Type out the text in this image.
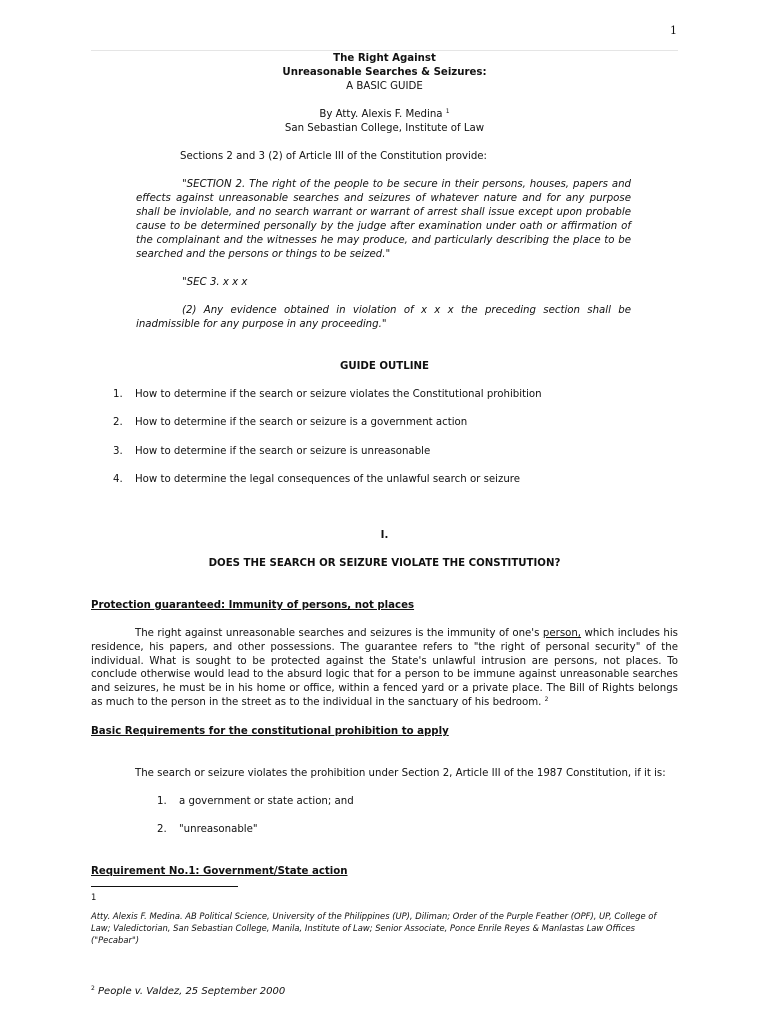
1
The Right Against
Unreasonable Searches & Seizures:
A BASIC GUIDE
By Atty. Alexis F. Medina $^1$
San Sebastian College, Institute of Law
Sections 2 and 3 (2) of Article III of the Constitution provide:
"SECTION 2. The right of the people to be secure in their persons, houses, papers and effects against unreasonable searches and seizures of whatever nature and for any purpose shall be inviolable, and no search warrant or warrant of arrest shall issue except upon probable cause to be determined personally by the judge after examination under oath or affirmation of the complainant and the witnesses he may produce, and particularly describing the place to be searched and the persons or things to be seized."
"SEC 3. x x x
(2) Any evidence obtained in violation of x x x the preceding section shall be inadmissible for any purpose in any proceeding."
GUIDE OUTLINE
1. How to determine if the search or seizure violates the Constitutional prohibition
2. How to determine if the search or seizure is a government action
3. How to determine if the search or seizure is unreasonable
4. How to determine the legal consequences of the unlawful search or seizure
I.
DOES THE SEARCH OR SEIZURE VIOLATE THE CONSTITUTION?
Protection guaranteed: Immunity of persons, not places
The right against unreasonable searches and seizures is the immunity of one's person, which includes his residence, his papers, and other possessions. The guarantee refers to "the right of personal security" of the individual. What is sought to be protected against the State's unlawful intrusion are persons, not places. To conclude otherwise would lead to the absurd logic that for a person to be immune against unreasonable searches and seizures, he must be in his home or office, within a fenced yard or a private place. The Bill of Rights belongs as much to the person in the street as to the individual in the sanctuary of his bedroom. $^2$
Basic Requirements for the constitutional prohibition to apply
The search or seizure violates the prohibition under Section 2, Article III of the 1987 Constitution, if it is:
1. a government or state action; and
2. "unreasonable"
Requirement No.1: Government/State action
1
Atty. Alexis F. Medina. AB Political Science, University of the Philippines (UP), Diliman; Order of the Purple Feather (OPF), UP, College of Law; Valedictorian, San Sebastian College, Manila, Institute of Law; Senior Associate, Ponce Enrile Reyes & Manlastas Law Offices ("Pecabar")
$^2$ People v. Valdez, 25 September 2000
